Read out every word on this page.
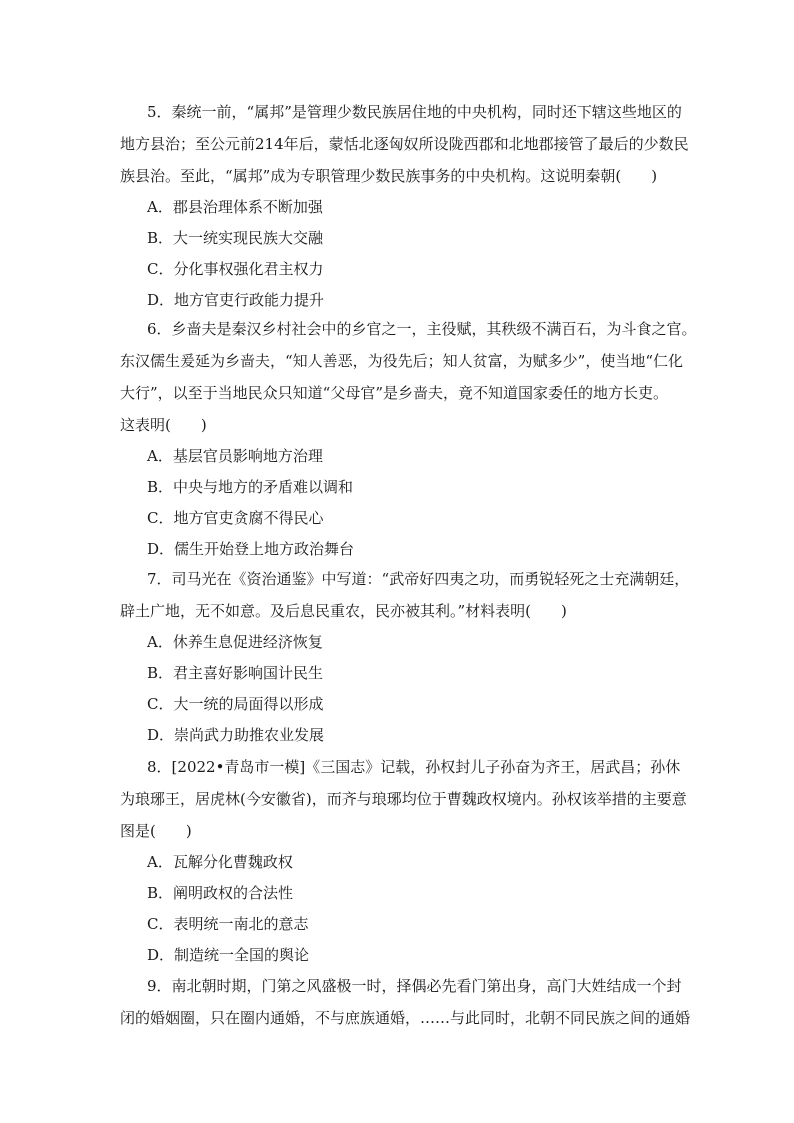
5．秦统一前，“属邦”是管理少数民族居住地的中央机构，同时还下辖这些地区的
地方县治；至公元前214年后，蒙恬北逐匈奴所设陇西郡和北地郡接管了最后的少数民
族县治。至此，“属邦”成为专职管理少数民族事务的中央机构。这说明秦朝(　　)
A．郡县治理体系不断加强
B．大一统实现民族大交融
C．分化事权强化君主权力
D．地方官吏行政能力提升
6．乡啬夫是秦汉乡村社会中的乡官之一，主役赋，其秩级不满百石，为斗食之官。
东汉儒生爰延为乡啬夫，“知人善恶，为役先后；知人贫富，为赋多少”，使当地“仁化
大行”，以至于当地民众只知道“父母官”是乡啬夫，竟不知道国家委任的地方长吏。
这表明(　　)
A．基层官员影响地方治理
B．中央与地方的矛盾难以调和
C．地方官吏贪腐不得民心
D．儒生开始登上地方政治舞台
7．司马光在《资治通鉴》中写道：“武帝好四夷之功，而勇锐轻死之士充满朝廷，
辟土广地，无不如意。及后息民重农，民亦被其利。”材料表明(　　)
A．休养生息促进经济恢复
B．君主喜好影响国计民生
C．大一统的局面得以形成
D．崇尚武力助推农业发展
8．[2022•青岛市一模]《三国志》记载，孙权封儿子孙奋为齐王，居武昌；孙休
为琅琊王，居虎林(今安徽省)，而齐与琅琊均位于曹魏政权境内。孙权该举措的主要意
图是(　　)
A．瓦解分化曹魏政权
B．阐明政权的合法性
C．表明统一南北的意志
D．制造统一全国的舆论
9．南北朝时期，门第之风盛极一时，择偶必先看门第出身，高门大姓结成一个封
闭的婚姻圈，只在圈内通婚，不与庶族通婚，……与此同时，北朝不同民族之间的通婚
